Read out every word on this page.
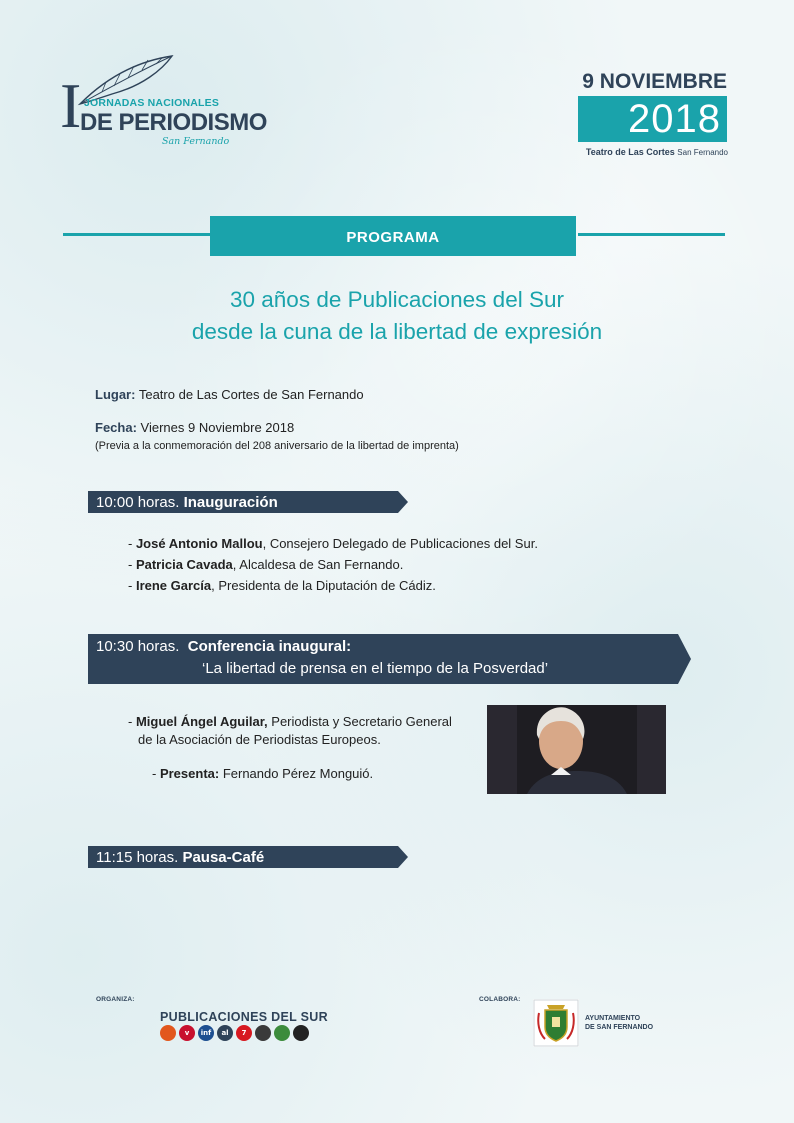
I JORNADAS NACIONALES
DE PERIODISMO
San Fernando
9 NOVIEMBRE
2018
Teatro de Las Cortes San Fernando
PROGRAMA
30 años de Publicaciones del Sur
desde la cuna de la libertad de expresión
Lugar: Teatro de Las Cortes de San Fernando
Fecha: Viernes 9 Noviembre 2018
(Previa a la conmemoración del 208 aniversario de la libertad de imprenta)
10:00 horas. Inauguración
- José Antonio Mallou, Consejero Delegado de Publicaciones del Sur.
- Patricia Cavada, Alcaldesa de San Fernando.
- Irene García, Presidenta de la Diputación de Cádiz.
10:30 horas. Conferencia inaugural:
‘La libertad de prensa en el tiempo de la Posverdad’
- Miguel Ángel Aguilar, Periodista y Secretario General
de la Asociación de Periodistas Europeos.
- Presenta: Fernando Pérez Monguió.
11:15 horas. Pausa-Café
ORGANIZA:
PUBLICACIONES DEL SUR
v	inf	al	7
COLABORA:
AYUNTAMIENTO
DE SAN FERNANDO
